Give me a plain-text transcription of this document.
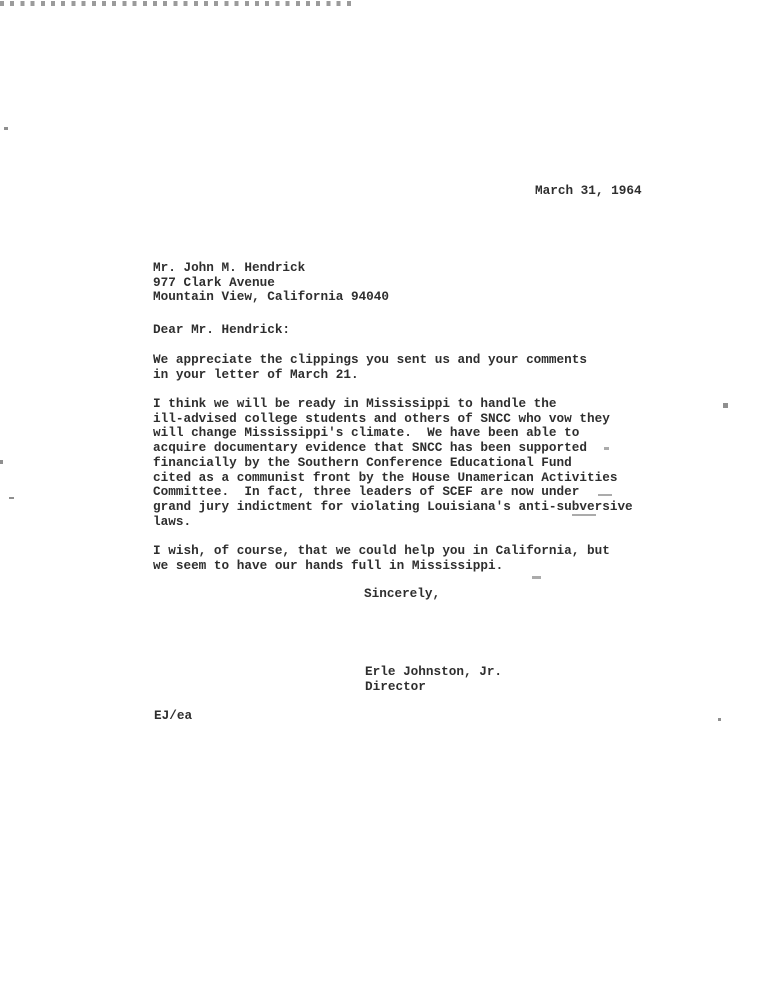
March 31, 1964
Mr. John M. Hendrick
977 Clark Avenue
Mountain View, California 94040
Dear Mr. Hendrick:
We appreciate the clippings you sent us and your comments
in your letter of March 21.
I think we will be ready in Mississippi to handle the
ill-advised college students and others of SNCC who vow they
will change Mississippi's climate.  We have been able to
acquire documentary evidence that SNCC has been supported
financially by the Southern Conference Educational Fund
cited as a communist front by the House Unamerican Activities
Committee.  In fact, three leaders of SCEF are now under
grand jury indictment for violating Louisiana's anti-subversive
laws.
I wish, of course, that we could help you in California, but
we seem to have our hands full in Mississippi.
Sincerely,
Erle Johnston, Jr.
Director
EJ/ea
